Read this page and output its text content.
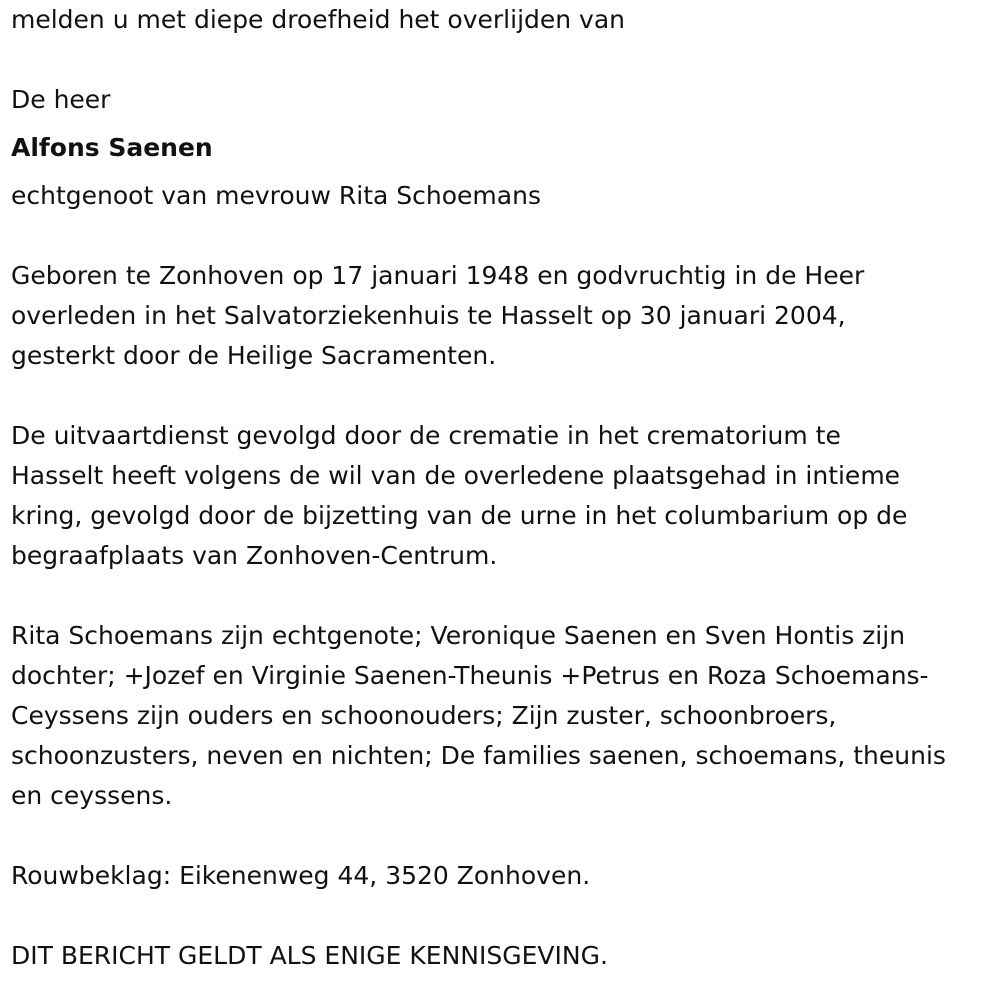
melden u met diepe droefheid het overlijden van

De heer

Alfons Saenen

echtgenoot van mevrouw Rita Schoemans

Geboren te Zonhoven op 17 januari 1948 en godvruchtig in de Heer
overleden in het Salvatorziekenhuis te Hasselt op 30 januari 2004,
gesterkt door de Heilige Sacramenten.
De uitvaartdienst gevolgd door de crematie in het crematorium te
Hasselt heeft volgens de wil van de overledene plaatsgehad in intieme
kring, gevolgd door de bijzetting van de urne in het columbarium op de
begraafplaats van Zonhoven-Centrum.
Rita Schoemans zijn echtgenote; Veronique Saenen en Sven Hontis zijn
dochter; +Jozef en Virginie Saenen-Theunis +Petrus en Roza Schoemans-
Ceyssens zijn ouders en schoonouders; Zijn zuster, schoonbroers,
schoonzusters, neven en nichten; De families saenen, schoemans, theunis
en ceyssens.

Rouwbeklag: Eikenenweg 44, 3520 Zonhoven.

DIT BERICHT GELDT ALS ENIGE KENNISGEVING.
